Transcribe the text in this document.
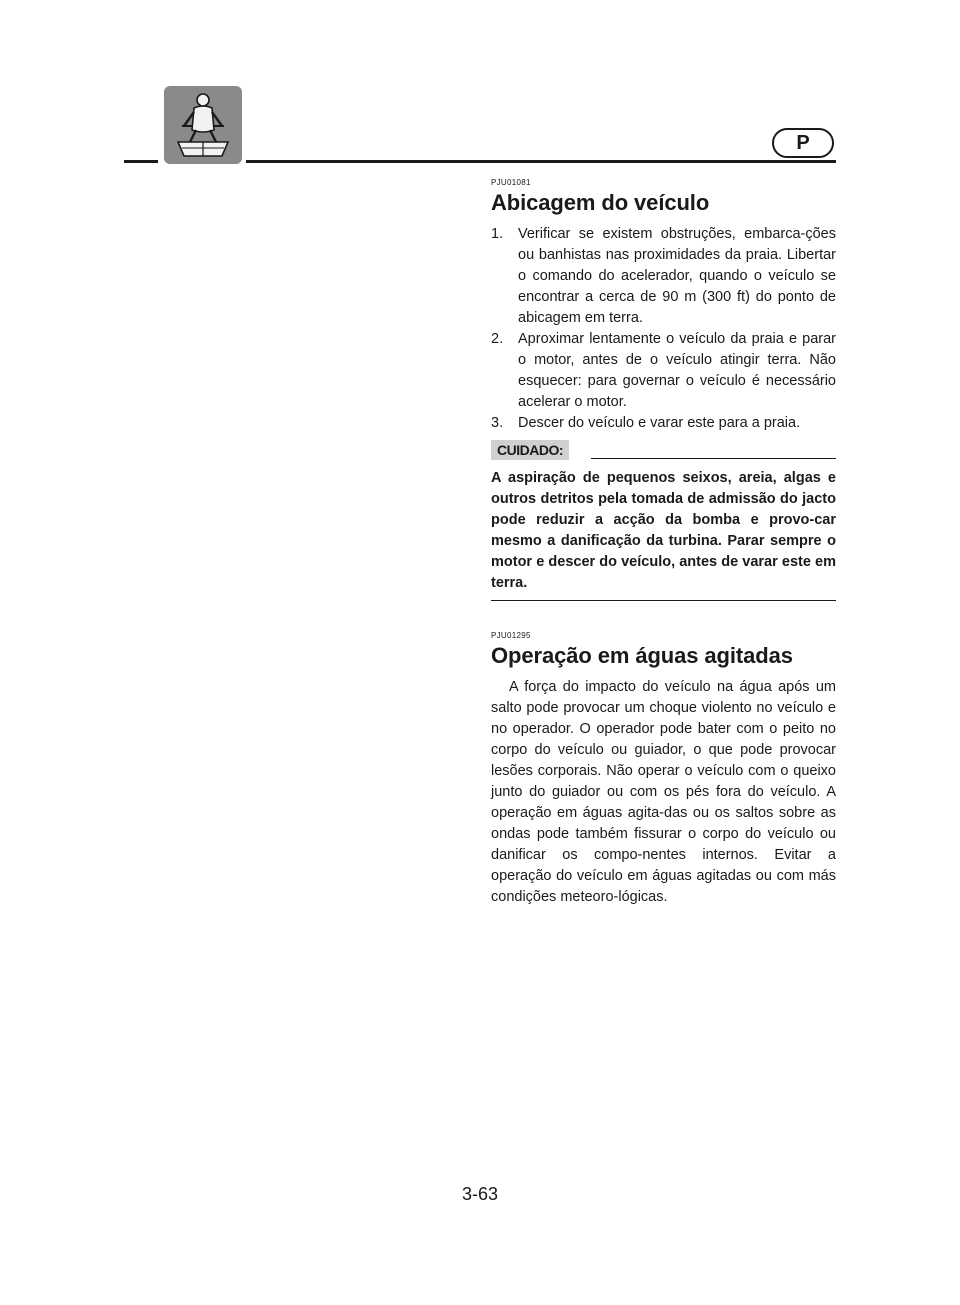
P
PJU01081
Abicagem do veículo
1. Verificar se existem obstruções, embarca-ções ou banhistas nas proximidades da praia. Libertar o comando do acelerador, quando o veículo se encontrar a cerca de 90 m (300 ft) do ponto de abicagem em terra.
2. Aproximar lentamente o veículo da praia e parar o motor, antes de o veículo atingir terra. Não esquecer: para governar o veículo é necessário acelerar o motor.
3. Descer do veículo e varar este para a praia.
CUIDADO:
A aspiração de pequenos seixos, areia, algas e outros detritos pela tomada de admissão do jacto pode reduzir a acção da bomba e provo-car mesmo a danificação da turbina. Parar sempre o motor e descer do veículo, antes de varar este em terra.
PJU01295
Operação em águas agitadas

A força do impacto do veículo na água após um salto pode provocar um choque violento no veículo e no operador. O operador pode bater com o peito no corpo do veículo ou guiador, o que pode provocar lesões corporais. Não operar o veículo com o queixo junto do guiador ou com os pés fora do veículo. A operação em águas agita-das ou os saltos sobre as ondas pode também fissurar o corpo do veículo ou danificar os compo-nentes internos. Evitar a operação do veículo em águas agitadas ou com más condições meteoro-lógicas.

3-63
